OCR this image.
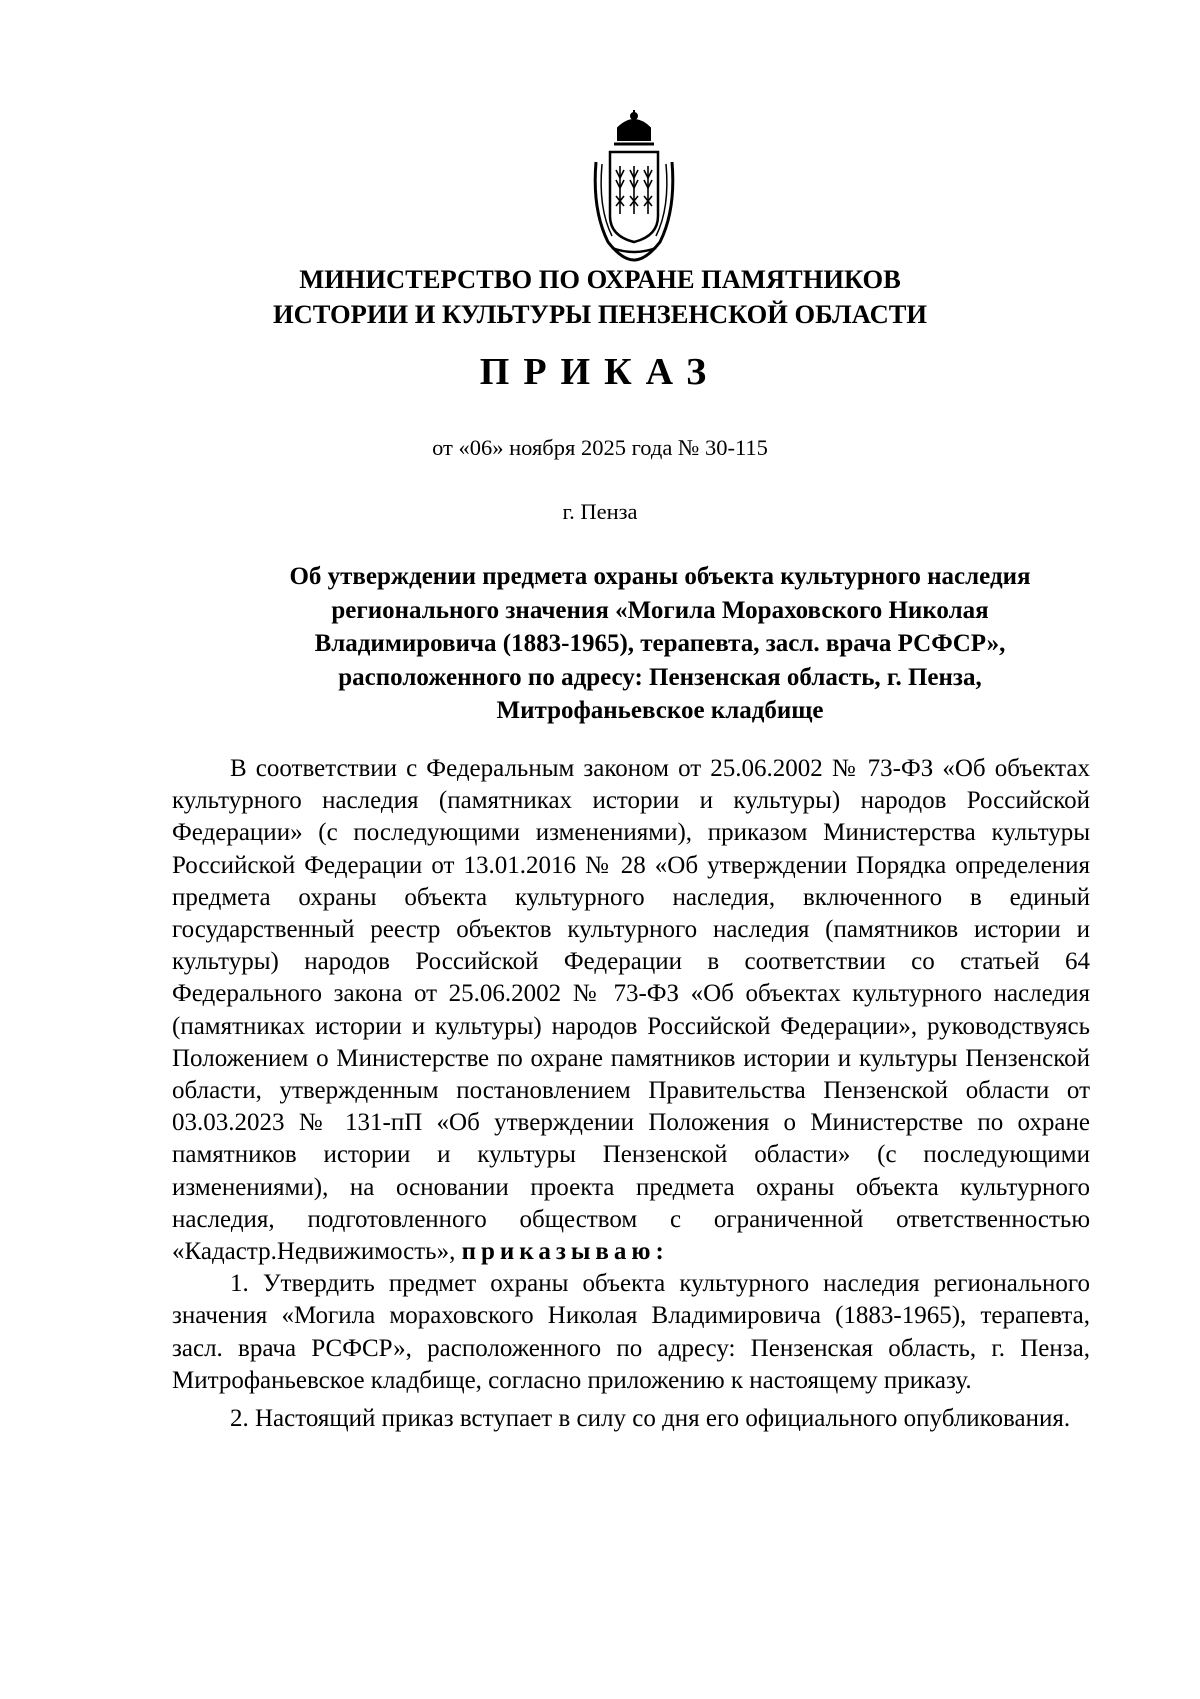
МИНИСТЕРСТВО ПО ОХРАНЕ ПАМЯТНИКОВ
ИСТОРИИ И КУЛЬТУРЫ ПЕНЗЕНСКОЙ ОБЛАСТИ
ПРИКАЗ
от «06» ноября 2025 года № 30-115
г. Пенза
Об утверждении предмета охраны объекта культурного наследия
регионального значения «Могила Мораховского Николая
Владимировича (1883-1965), терапевта, засл. врача РСФСР»,
расположенного по адресу: Пензенская область, г. Пенза,
Митрофаньевское кладбище

В соответствии с Федеральным законом от 25.06.2002 № 73-ФЗ «Об объектах культурного наследия (памятниках истории и культуры) народов Российской Федерации» (с последующими изменениями), приказом Министерства культуры Российской Федерации от 13.01.2016 № 28 «Об утверждении Порядка определения предмета охраны объекта культурного наследия, включенного в единый государственный реестр объектов культурного наследия (памятников истории и культуры) народов Российской Федерации в соответствии со статьей 64 Федерального закона от 25.06.2002 № 73-ФЗ «Об объектах культурного наследия (памятниках истории и культуры) народов Российской Федерации», руководствуясь Положением о Министерстве по охране памятников истории и культуры Пензенской области, утвержденным постановлением Правительства Пензенской области от 03.03.2023 № 131-пП «Об утверждении Положения о Министерстве по охране памятников истории и культуры Пензенской области» (с последующими изменениями), на основании проекта предмета охраны объекта культурного наследия, подготовленного обществом с ограниченной ответственностью «Кадастр.Недвижимость», приказываю:

1. Утвердить предмет охраны объекта культурного наследия регионального значения «Могила мораховского Николая Владимировича (1883-1965), терапевта, засл. врача РСФСР», расположенного по адресу: Пензенская область, г. Пенза, Митрофаньевское кладбище, согласно приложению к настоящему приказу.

2. Настоящий приказ вступает в силу со дня его официального опубликования.
